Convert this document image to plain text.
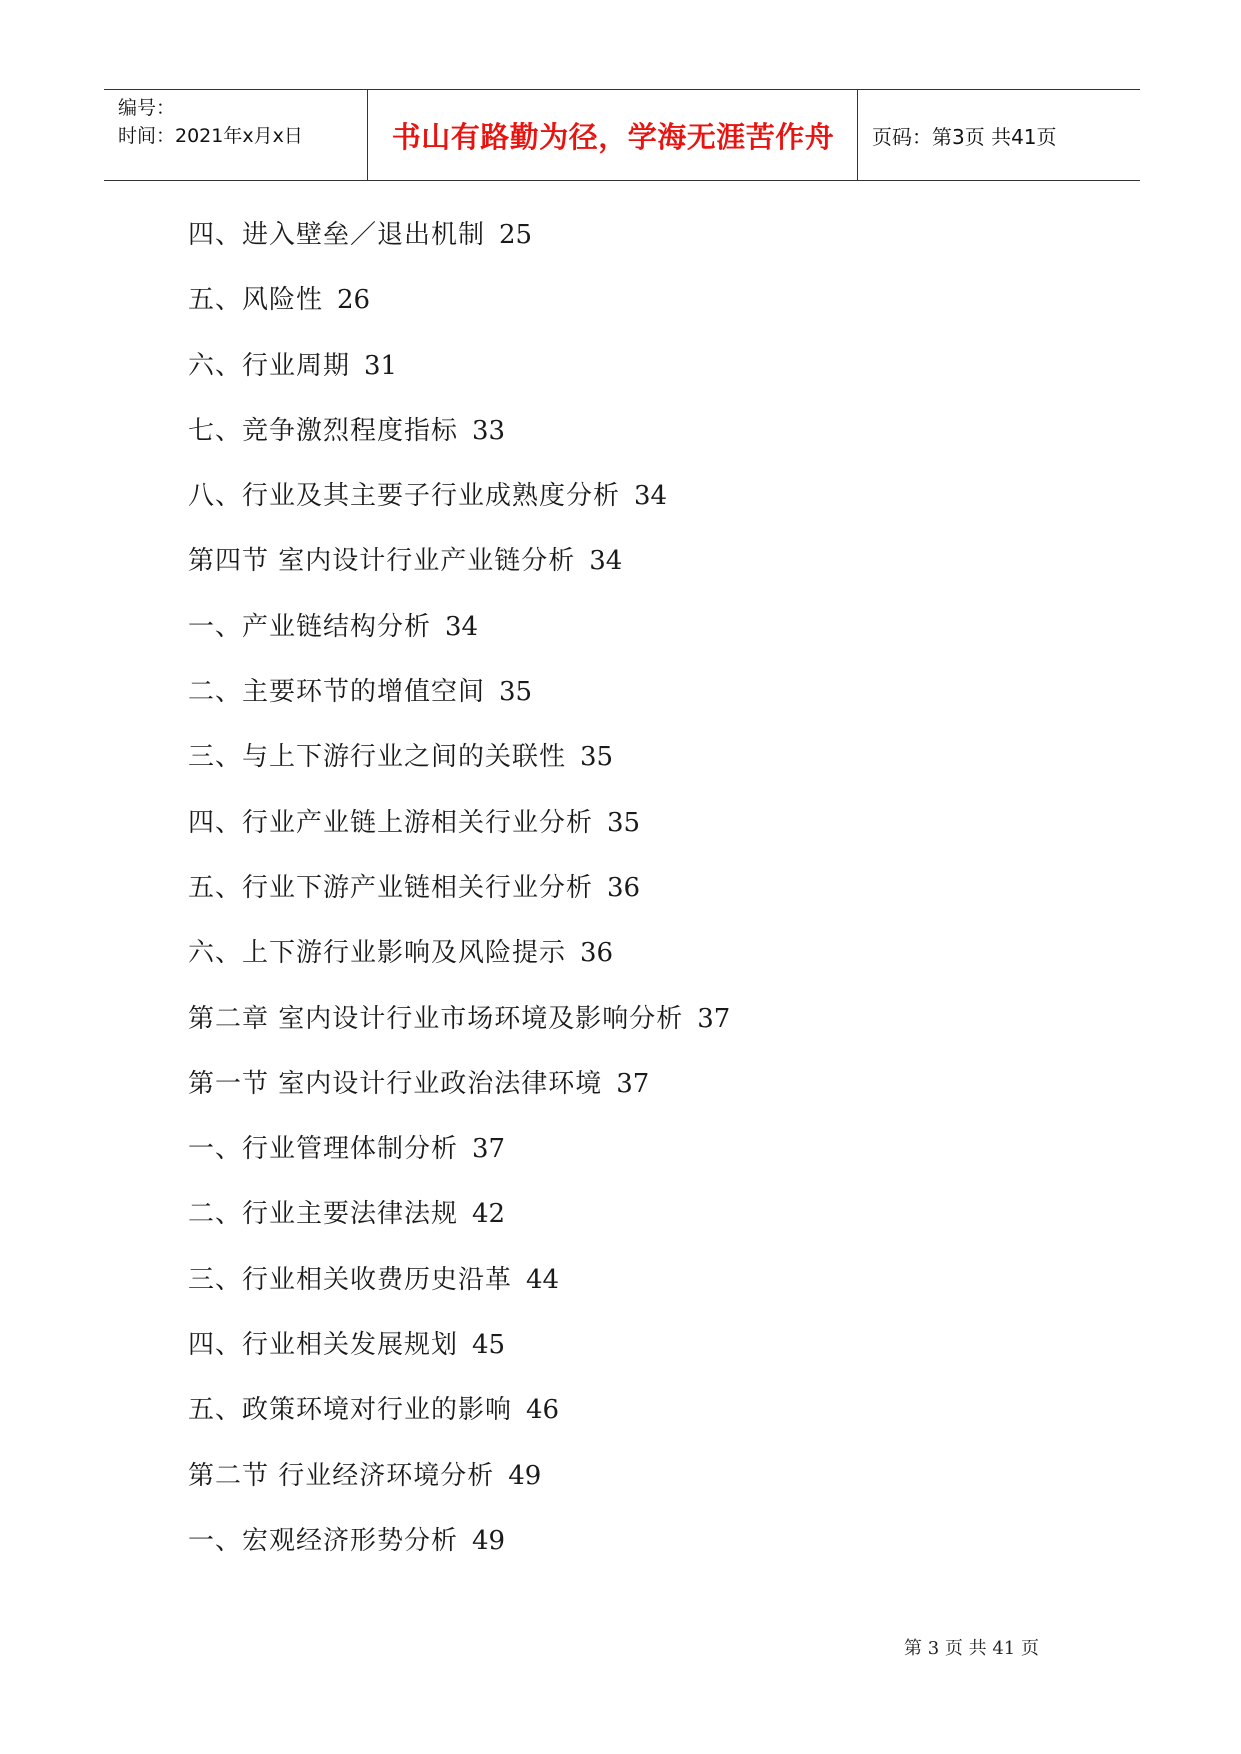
编号：
时间：2021年x月x日	书山有路勤为径，学海无涯苦作舟	页码：第3页 共41页
四、进入壁垒／退出机制 25
五、风险性 26
六、行业周期 31
七、竞争激烈程度指标 33
八、行业及其主要子行业成熟度分析 34
第四节 室内设计行业产业链分析 34
一、产业链结构分析 34
二、主要环节的增值空间 35
三、与上下游行业之间的关联性 35
四、行业产业链上游相关行业分析 35
五、行业下游产业链相关行业分析 36
六、上下游行业影响及风险提示 36
第二章 室内设计行业市场环境及影响分析 37
第一节 室内设计行业政治法律环境 37
一、行业管理体制分析 37
二、行业主要法律法规 42
三、行业相关收费历史沿革 44
四、行业相关发展规划 45
五、政策环境对行业的影响 46
第二节 行业经济环境分析 49
一、宏观经济形势分析 49
第 3 页 共 41 页
